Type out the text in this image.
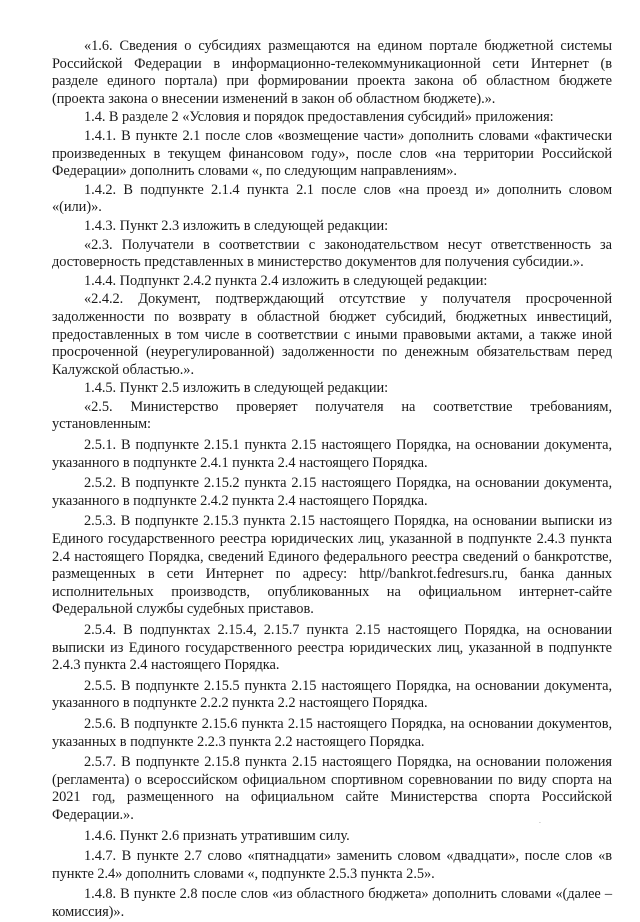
«1.6. Сведения о субсидиях размещаются на едином портале бюджетной системы Российской Федерации в информационно-телекоммуникационной сети Интернет (в разделе единого портала) при формировании проекта закона об областном бюджете (проекта закона о внесении изменений в закон об областном бюджете).».

1.4. В разделе 2 «Условия и порядок предоставления субсидий» приложения:

1.4.1. В пункте 2.1 после слов «возмещение части» дополнить словами «фактически произведенных в текущем финансовом году», после слов «на территории Российской Федерации» дополнить словами «, по следующим направлениям».

1.4.2. В подпункте 2.1.4 пункта 2.1 после слов «на проезд и» дополнить словом «(или)».

1.4.3. Пункт 2.3 изложить в следующей редакции:

«2.3. Получатели в соответствии с законодательством несут ответственность за достоверность представленных в министерство документов для получения субсидии.».

1.4.4. Подпункт 2.4.2 пункта 2.4 изложить в следующей редакции:

«2.4.2. Документ, подтверждающий отсутствие у получателя просроченной задолженности по возврату в областной бюджет субсидий, бюджетных инвестиций, предоставленных в том числе в соответствии с иными правовыми актами, а также иной просроченной (неурегулированной) задолженности по денежным обязательствам перед Калужской областью.».

1.4.5. Пункт 2.5 изложить в следующей редакции:

«2.5. Министерство проверяет получателя на соответствие требованиям, установленным:

2.5.1. В подпункте 2.15.1 пункта 2.15 настоящего Порядка, на основании документа, указанного в подпункте 2.4.1 пункта 2.4 настоящего Порядка.

2.5.2. В подпункте 2.15.2 пункта 2.15 настоящего Порядка, на основании документа, указанного в подпункте 2.4.2 пункта 2.4 настоящего Порядка.

2.5.3. В подпункте 2.15.3 пункта 2.15 настоящего Порядка, на основании выписки из Единого государственного реестра юридических лиц, указанной в подпункте 2.4.3 пункта 2.4 настоящего Порядка, сведений Единого федерального реестра сведений о банкротстве, размещенных в сети Интернет по адресу: http//bankrot.fedresurs.ru, банка данных исполнительных производств, опубликованных на официальном интернет-сайте Федеральной службы судебных приставов.

2.5.4. В подпунктах 2.15.4, 2.15.7 пункта 2.15 настоящего Порядка, на основании выписки из Единого государственного реестра юридических лиц, указанной в подпункте 2.4.3 пункта 2.4 настоящего Порядка.

2.5.5. В подпункте 2.15.5 пункта 2.15 настоящего Порядка, на основании документа, указанного в подпункте 2.2.2 пункта 2.2 настоящего Порядка.

2.5.6. В подпункте 2.15.6 пункта 2.15 настоящего Порядка, на основании документов, указанных в подпункте 2.2.3 пункта 2.2 настоящего Порядка.

2.5.7. В подпункте 2.15.8 пункта 2.15 настоящего Порядка, на основании положения (регламента) о всероссийском официальном спортивном соревновании по виду спорта на 2021 год, размещенного на официальном сайте Министерства спорта Российской Федерации.».

1.4.6. Пункт 2.6 признать утратившим силу.

1.4.7. В пункте 2.7 слово «пятнадцати» заменить словом «двадцати», после слов «в пункте 2.4» дополнить словами «, подпункте 2.5.3 пункта 2.5».

1.4.8. В пункте 2.8 после слов «из областного бюджета» дополнить словами «(далее – комиссия)».

·
